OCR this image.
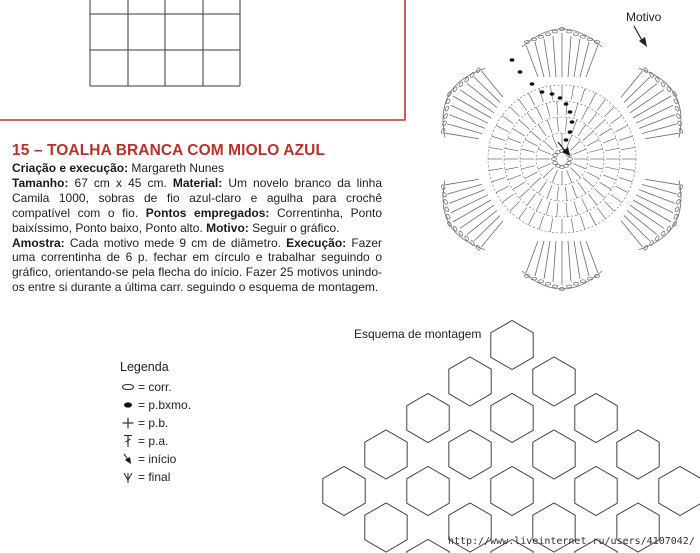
15 – TOALHA BRANCA COM MIOLO AZUL
Criação e execução: Margareth Nunes
Tamanho: 67 cm x 45 cm. Material: Um novelo branco da linha Camila 1000, sobras de fio azul-claro e agulha para crochê compatível com o fio. Pontos empregados: Correntinha, Ponto baixíssimo, Ponto baixo, Ponto alto. Motivo: Seguir o gráfico.
Amostra: Cada motivo mede 9 cm de diâmetro. Execução: Fazer uma correntinha de 6 p. fechar em círculo e trabalhar seguindo o gráfico, orientando-se pela flecha do início. Fazer 25 motivos unindo-os entre si durante a última carr. seguindo o esquema de montagem.
Motivo
Esquema de montagem
Legenda
= corr.
= p.bxmo.
= p.b.
= p.a.
= início
= final
http://www.liveinternet.ru/users/4107042/
